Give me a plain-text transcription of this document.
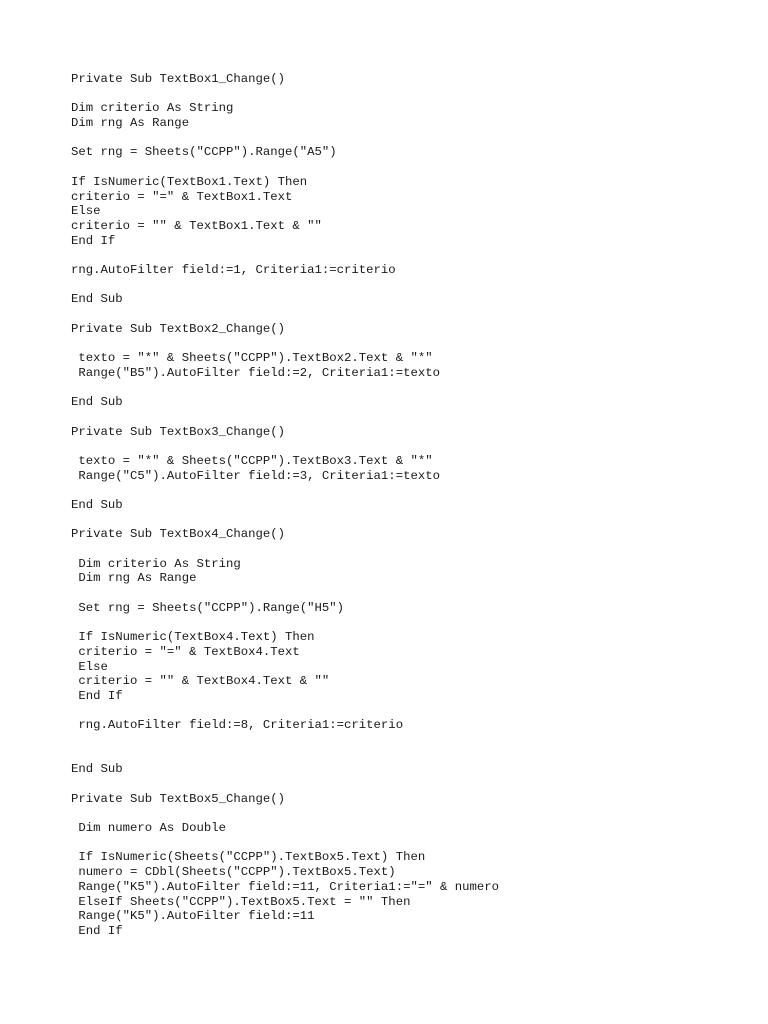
Private Sub TextBox1_Change()
Dim criterio As String
Dim rng As Range
Set rng = Sheets("CCPP").Range("A5")
If IsNumeric(TextBox1.Text) Then
criterio = "=" & TextBox1.Text
Else
criterio = "" & TextBox1.Text & ""
End If
rng.AutoFilter field:=1, Criteria1:=criterio
End Sub
Private Sub TextBox2_Change()
texto = "*" & Sheets("CCPP").TextBox2.Text & "*"
Range("B5").AutoFilter field:=2, Criteria1:=texto
End Sub
Private Sub TextBox3_Change()
texto = "*" & Sheets("CCPP").TextBox3.Text & "*"
Range("C5").AutoFilter field:=3, Criteria1:=texto
End Sub
Private Sub TextBox4_Change()
Dim criterio As String
Dim rng As Range
Set rng = Sheets("CCPP").Range("H5")
If IsNumeric(TextBox4.Text) Then
criterio = "=" & TextBox4.Text
Else
criterio = "" & TextBox4.Text & ""
End If
rng.AutoFilter field:=8, Criteria1:=criterio
End Sub
Private Sub TextBox5_Change()
Dim numero As Double
If IsNumeric(Sheets("CCPP").TextBox5.Text) Then
numero = CDbl(Sheets("CCPP").TextBox5.Text)
Range("K5").AutoFilter field:=11, Criteria1:="=" & numero
ElseIf Sheets("CCPP").TextBox5.Text = "" Then
Range("K5").AutoFilter field:=11
End If
